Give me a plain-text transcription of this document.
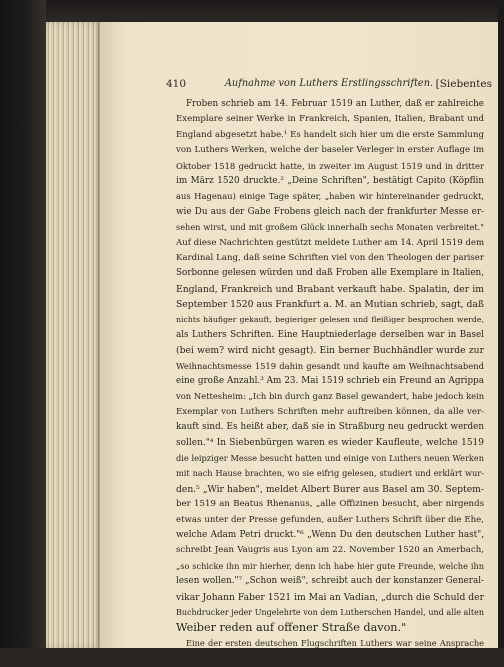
410	Aufnahme von Luthers Erstlingsschriften. [Siebentes
Froben schrieb am 14. Februar 1519 an Luther, daß er zahlreiche
Exemplare seiner Werke in Frankreich, Spanien, Italien, Brabant und
England abgesetzt habe.¹ Es handelt sich hier um die erste Sammlung
von Luthers Werken, welche der baseler Verleger in erster Auflage im
Oktober 1518 gedruckt hatte, in zweiter im August 1519 und in dritter
im März 1520 druckte.² „Deine Schriften", bestätigt Capito (Köpflin
aus Hagenau) einige Tage später, „haben wir hintereinander gedruckt,
wie Du aus der Gabe Frobens gleich nach der frankfurter Messe er-
sehen wirst, und mit großem Glück innerhalb sechs Monaten verbreitet."
Auf diese Nachrichten gestützt meldete Luther am 14. April 1519 dem
Kardinal Lang, daß seine Schriften viel von den Theologen der pariser
Sorbonne gelesen würden und daß Froben alle Exemplare in Italien,
England, Frankreich und Brabant verkauft habe. Spalatin, der im
September 1520 aus Frankfurt a. M. an Mutian schrieb, sagt, daß
nichts häufiger gekauft, begieriger gelesen und fleißiger besprochen werde,
als Luthers Schriften. Eine Hauptniederlage derselben war in Basel
(bei wem? wird nicht gesagt). Ein berner Buchhändler wurde zur
Weihnachtsmesse 1519 dahin gesandt und kaufte am Weihnachtsabend
eine große Anzahl.³ Am 23. Mai 1519 schrieb ein Freund an Agrippa
von Nettesheim: „Ich bin durch ganz Basel gewandert, habe jedoch kein
Exemplar von Luthers Schriften mehr auftreiben können, da alle ver-
kauft sind. Es heißt aber, daß sie in Straßburg neu gedruckt werden
sollen."⁴ In Siebenbürgen waren es wieder Kaufleute, welche 1519
die leipziger Messe besucht hatten und einige von Luthers neuen Werken
mit nach Hause brachten, wo sie eifrig gelesen, studiert und erklärt wur-
den.⁵ „Wir haben", meldet Albert Burer aus Basel am 30. Septem-
ber 1519 an Beatus Rhenanus, „alle Offizinen besucht, aber nirgends
etwas unter der Presse gefunden, außer Luthers Schrift über die Ehe,
welche Adam Petri druckt."⁶ „Wenn Du den deutschen Luther hast",
schreibt Jean Vaugris aus Lyon am 22. November 1520 an Amerbach,
„so schicke ihn mir hierher, denn ich habe hier gute Freunde, welche ihn
lesen wollen."⁷ „Schon weiß", schreibt auch der konstanzer General-
vikar Johann Faber 1521 im Mai an Vadian, „durch die Schuld der
Buchdrucker jeder Ungelehrte von dem Lutherschen Handel, und alle alten
Weiber reden auf offener Straße davon."
Eine der ersten deutschen Flugschriften Luthers war seine Ansprache
